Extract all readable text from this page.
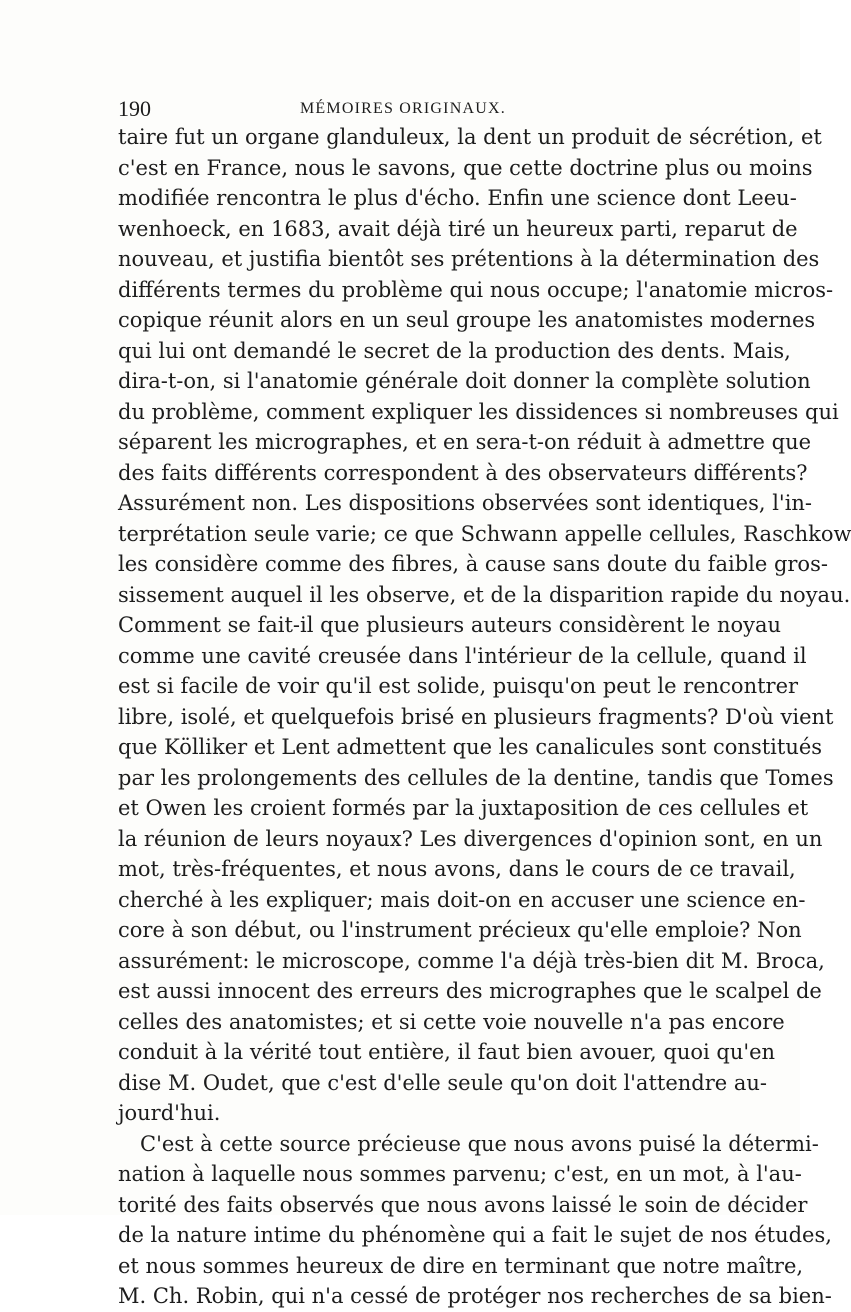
190	MÉMOIRES ORIGINAUX.
taire fut un organe glanduleux, la dent un produit de sécrétion, et
c'est en France, nous le savons, que cette doctrine plus ou moins
modifiée rencontra le plus d'écho. Enfin une science dont Leeu-
wenhoeck, en 1683, avait déjà tiré un heureux parti, reparut de
nouveau, et justifia bientôt ses prétentions à la détermination des
différents termes du problème qui nous occupe; l'anatomie micros-
copique réunit alors en un seul groupe les anatomistes modernes
qui lui ont demandé le secret de la production des dents. Mais,
dira-t-on, si l'anatomie générale doit donner la complète solution
du problème, comment expliquer les dissidences si nombreuses qui
séparent les micrographes, et en sera-t-on réduit à admettre que
des faits différents correspondent à des observateurs différents?
Assurément non. Les dispositions observées sont identiques, l'in-
terprétation seule varie; ce que Schwann appelle cellules, Raschkow
les considère comme des fibres, à cause sans doute du faible gros-
sissement auquel il les observe, et de la disparition rapide du noyau.
Comment se fait-il que plusieurs auteurs considèrent le noyau
comme une cavité creusée dans l'intérieur de la cellule, quand il
est si facile de voir qu'il est solide, puisqu'on peut le rencontrer
libre, isolé, et quelquefois brisé en plusieurs fragments? D'où vient
que Kölliker et Lent admettent que les canalicules sont constitués
par les prolongements des cellules de la dentine, tandis que Tomes
et Owen les croient formés par la juxtaposition de ces cellules et
la réunion de leurs noyaux? Les divergences d'opinion sont, en un
mot, très-fréquentes, et nous avons, dans le cours de ce travail,
cherché à les expliquer; mais doit-on en accuser une science en-
core à son début, ou l'instrument précieux qu'elle emploie? Non
assurément: le microscope, comme l'a déjà très-bien dit M. Broca,
est aussi innocent des erreurs des micrographes que le scalpel de
celles des anatomistes; et si cette voie nouvelle n'a pas encore
conduit à la vérité tout entière, il faut bien avouer, quoi qu'en
dise M. Oudet, que c'est d'elle seule qu'on doit l'attendre au-
jourd'hui.
C'est à cette source précieuse que nous avons puisé la détermi-
nation à laquelle nous sommes parvenu; c'est, en un mot, à l'au-
torité des faits observés que nous avons laissé le soin de décider
de la nature intime du phénomène qui a fait le sujet de nos études,
et nous sommes heureux de dire en terminant que notre maître,
M. Ch. Robin, qui n'a cessé de protéger nos recherches de sa bien-
